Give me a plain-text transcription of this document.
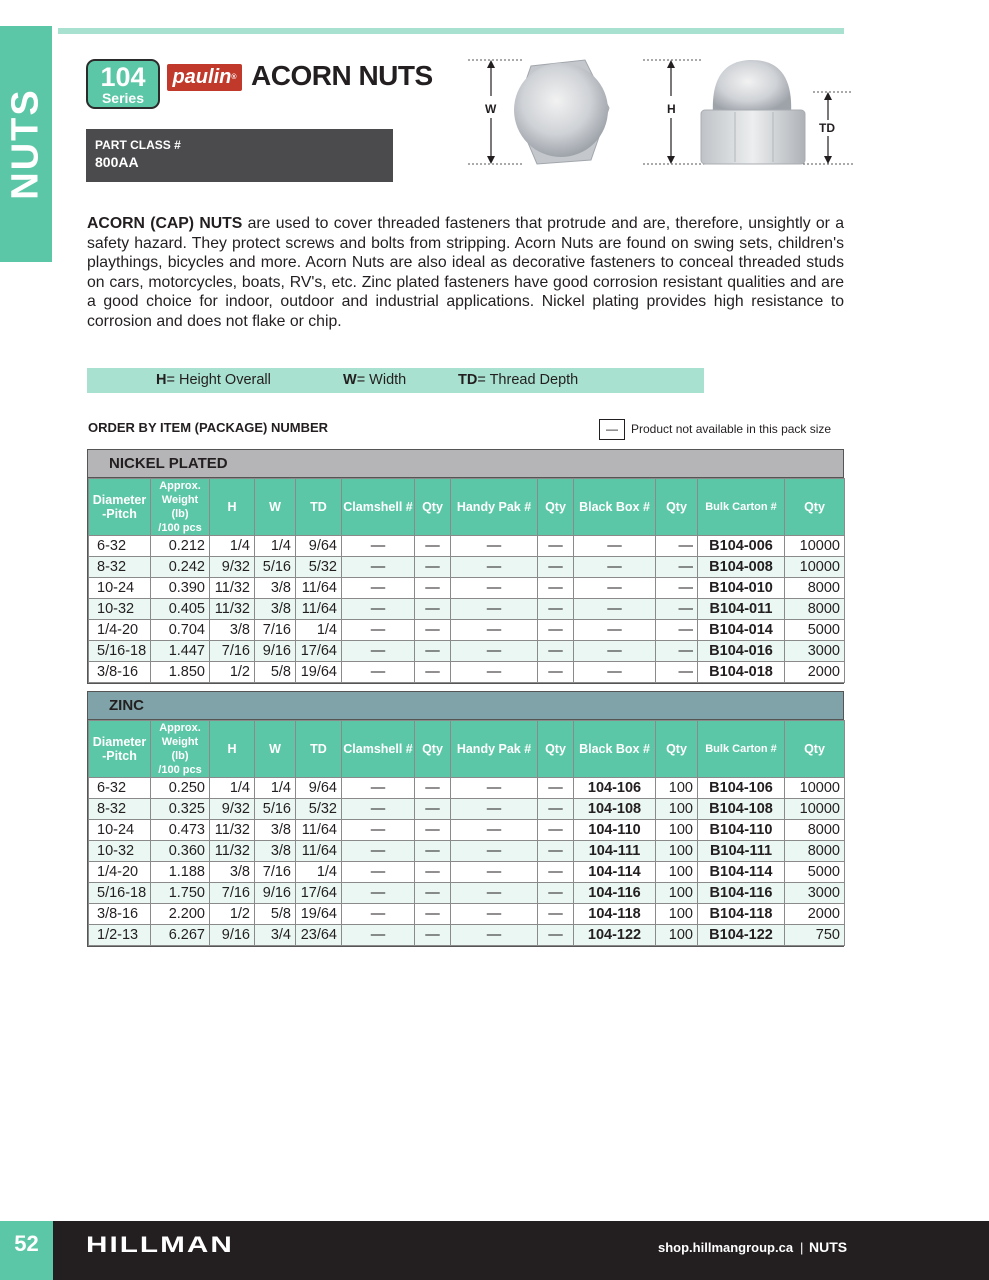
NUTS
104
Series
paulin® ACORN NUTS
PART CLASS #
800AA
W	H
TD

ACORN (CAP) NUTS are used to cover threaded fasteners that protrude and are, therefore, unsightly or a safety hazard. They protect screws and bolts from stripping. Acorn Nuts are found on swing sets, children's playthings, bicycles and more. Acorn Nuts are also ideal as decorative fasteners to conceal threaded studs on cars, motorcycles, boats, RV's, etc. Zinc plated fasteners have good corrosion resistant qualities and are a good choice for indoor, outdoor and industrial applications. Nickel plating provides high resistance to corrosion and does not flake or chip.

H = Height Overall	W = Width	TD = Thread Depth
ORDER BY ITEM (PACKAGE) NUMBER	—	Product not available in this pack size
NICKEL PLATED
Diameter
-Pitch	Approx.
Weight (lb)
/100 pcs	H	W	TD	Clamshell #	Qty	Handy Pak #	Qty	Black Box #	Qty	Bulk Carton #	Qty
6-32	0.212	1/4	1/4	9/64	—	—	—	—	—	—	B104-006	10000
8-32	0.242	9/32	5/16	5/32	—	—	—	—	—	—	B104-008	10000
10-24	0.390	11/32	3/8	11/64	—	—	—	—	—	—	B104-010	8000
10-32	0.405	11/32	3/8	11/64	—	—	—	—	—	—	B104-011	8000
1/4-20	0.704	3/8	7/16	1/4	—	—	—	—	—	—	B104-014	5000
5/16-18	1.447	7/16	9/16	17/64	—	—	—	—	—	—	B104-016	3000
3/8-16	1.850	1/2	5/8	19/64	—	—	—	—	—	—	B104-018	2000
ZINC
Diameter
-Pitch	Approx.
Weight (lb)
/100 pcs	H	W	TD	Clamshell #	Qty	Handy Pak #	Qty	Black Box #	Qty	Bulk Carton #	Qty
6-32	0.250	1/4	1/4	9/64	—	—	—	—	104-106	100	B104-106	10000
8-32	0.325	9/32	5/16	5/32	—	—	—	—	104-108	100	B104-108	10000
10-24	0.473	11/32	3/8	11/64	—	—	—	—	104-110	100	B104-110	8000
10-32	0.360	11/32	3/8	11/64	—	—	—	—	104-111	100	B104-111	8000
1/4-20	1.188	3/8	7/16	1/4	—	—	—	—	104-114	100	B104-114	5000
5/16-18	1.750	7/16	9/16	17/64	—	—	—	—	104-116	100	B104-116	3000
3/8-16	2.200	1/2	5/8	19/64	—	—	—	—	104-118	100	B104-118	2000
1/2-13	6.267	9/16	3/4	23/64	—	—	—	—	104-122	100	B104-122	750
52	HILLMAN	shop.hillmangroup.ca | NUTS
